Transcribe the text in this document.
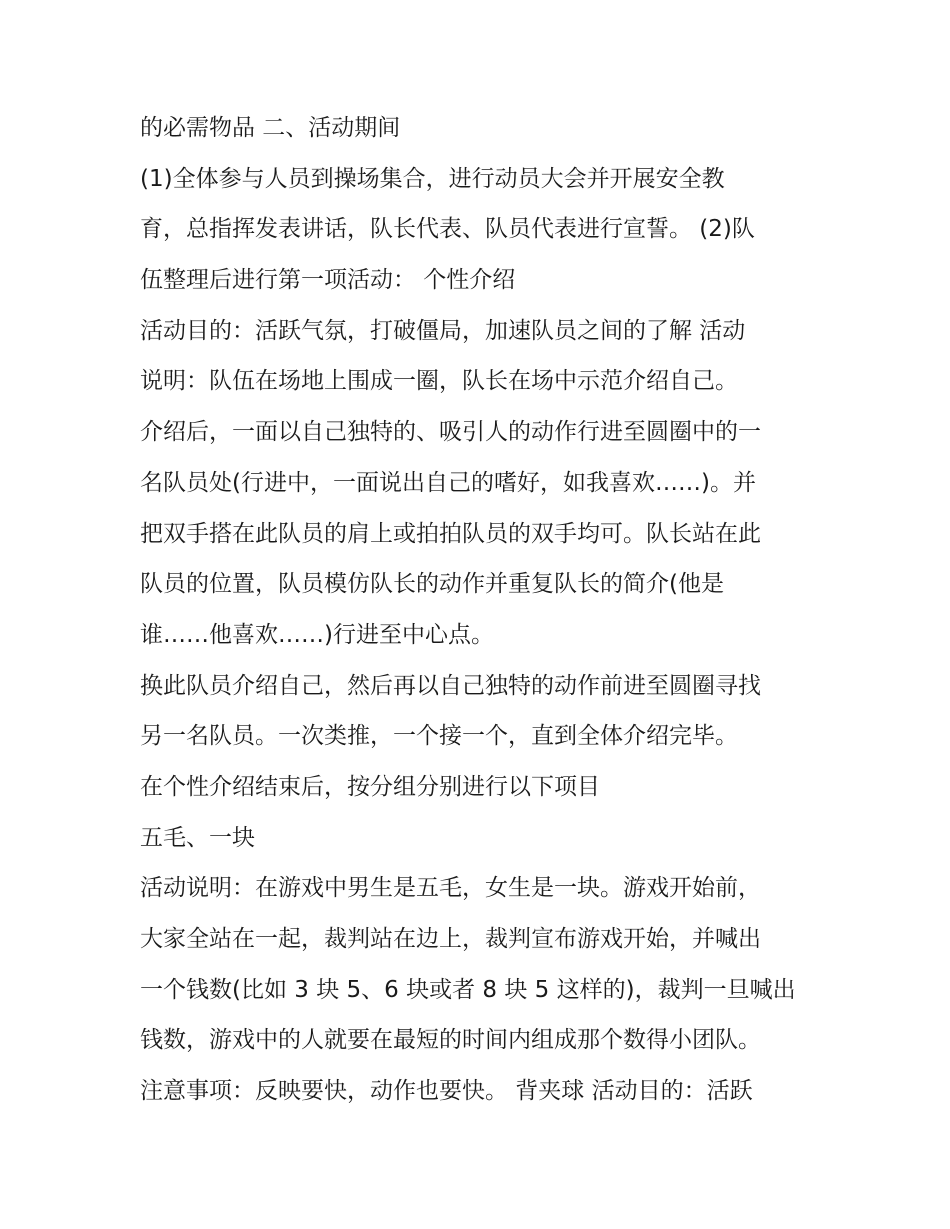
的必需物品 二、活动期间
(1)全体参与人员到操场集合，进行动员大会并开展安全教
育，总指挥发表讲话，队长代表、队员代表进行宣誓。 (2)队
伍整理后进行第一项活动： 个性介绍
活动目的：活跃气氛，打破僵局，加速队员之间的了解 活动
说明：队伍在场地上围成一圈，队长在场中示范介绍自己。
介绍后，一面以自己独特的、吸引人的动作行进至圆圈中的一
名队员处(行进中，一面说出自己的嗜好，如我喜欢……)。并
把双手搭在此队员的肩上或拍拍队员的双手均可。队长站在此
队员的位置，队员模仿队长的动作并重复队长的简介(他是
谁……他喜欢……)行进至中心点。
换此队员介绍自己，然后再以自己独特的动作前进至圆圈寻找
另一名队员。一次类推，一个接一个，直到全体介绍完毕。
在个性介绍结束后，按分组分别进行以下项目
五毛、一块
活动说明：在游戏中男生是五毛，女生是一块。游戏开始前，
大家全站在一起，裁判站在边上，裁判宣布游戏开始，并喊出
一个钱数(比如 3 块 5、6 块或者 8 块 5 这样的)，裁判一旦喊出
钱数，游戏中的人就要在最短的时间内组成那个数得小团队。
注意事项：反映要快，动作也要快。 背夹球 活动目的：活跃
